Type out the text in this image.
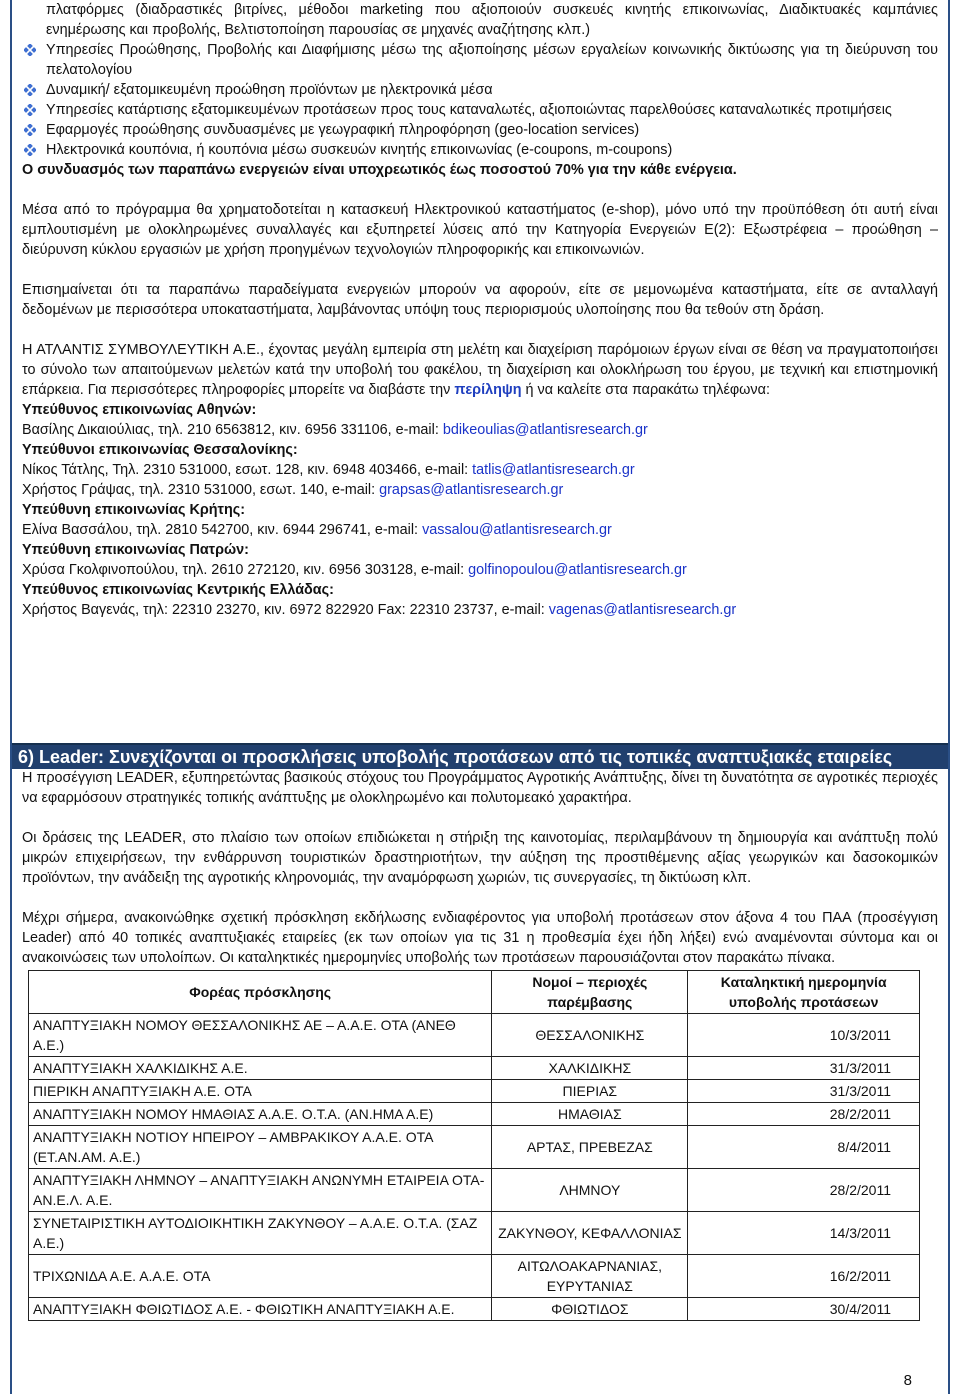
πλατφόρμες (διαδραστικές βιτρίνες, μέθοδοι marketing που αξιοποιούν συσκευές κινητής επικοινωνίας, Διαδικτυακές καμπάνιες ενημέρωσης και προβολής, Βελτιστοποίηση παρουσίας σε μηχανές αναζήτησης κλπ.)

Υπηρεσίες Προώθησης, Προβολής και Διαφήμισης μέσω της αξιοποίησης μέσων εργαλείων κοινωνικής δικτύωσης για τη διεύρυνση του πελατολογίου
Δυναμική/ εξατομικευμένη προώθηση προϊόντων με ηλεκτρονικά μέσα
Υπηρεσίες κατάρτισης εξατομικευμένων προτάσεων προς τους καταναλωτές, αξιοποιώντας παρελθούσες καταναλωτικές προτιμήσεις
Εφαρμογές προώθησης συνδυασμένες με γεωγραφική πληροφόρηση (geo-location services)
Ηλεκτρονικά κουπόνια, ή κουπόνια μέσω συσκευών κινητής επικοινωνίας (e-coupons, m-coupons)

Ο συνδυασμός των παραπάνω ενεργειών είναι υποχρεωτικός έως ποσοστού 70% για την κάθε ενέργεια.

Μέσα από το πρόγραμμα θα χρηματοδοτείται η κατασκευή Ηλεκτρονικού καταστήματος (e-shop), μόνο υπό την προϋπόθεση ότι αυτή είναι εμπλουτισμένη με ολοκληρωμένες συναλλαγές και εξυπηρετεί λύσεις από την Κατηγορία Ενεργειών Ε(2): Εξωστρέφεια – προώθηση – διεύρυνση κύκλου εργασιών με χρήση προηγμένων τεχνολογιών πληροφορικής και επικοινωνιών.

Επισημαίνεται ότι τα παραπάνω παραδείγματα ενεργειών μπορούν να αφορούν, είτε σε μεμονωμένα καταστήματα, είτε σε ανταλλαγή δεδομένων με περισσότερα υποκαταστήματα, λαμβάνοντας υπόψη τους περιορισμούς υλοποίησης που θα τεθούν στη δράση.

Η ΑΤΛΑΝΤΙΣ ΣΥΜΒΟΥΛΕΥΤΙΚΗ Α.Ε., έχοντας μεγάλη εμπειρία στη μελέτη και διαχείριση παρόμοιων έργων είναι σε θέση να πραγματοποιήσει το σύνολο των απαιτούμενων μελετών κατά την υποβολή του φακέλου, τη διαχείριση και ολοκλήρωση του έργου, με τεχνική και επιστημονική επάρκεια. Για περισσότερες πληροφορίες μπορείτε να διαβάστε την περίληψη ή να καλείτε στα παρακάτω τηλέφωνα:

Υπεύθυνος επικοινωνίας Αθηνών:

Βασίλης Δικαιούλιας, τηλ. 210 6563812, κιν. 6956 331106, e-mail: bdikeoulias@atlantisresearch.gr

Υπεύθυνοι επικοινωνίας Θεσσαλονίκης:

Νίκος Τάτλης, Τηλ. 2310 531000, εσωτ. 128, κιν. 6948 403466, e-mail: tatlis@atlantisresearch.gr

Χρήστος Γράψας, τηλ. 2310 531000, εσωτ. 140, e-mail: grapsas@atlantisresearch.gr

Υπεύθυνη επικοινωνίας Κρήτης:

Ελίνα Βασσάλου, τηλ. 2810 542700, κιν. 6944 296741, e-mail: vassalou@atlantisresearch.gr

Υπεύθυνη επικοινωνίας Πατρών:

Χρύσα Γκολφινοπούλου, τηλ. 2610 272120, κιν. 6956 303128, e-mail: golfinopoulou@atlantisresearch.gr

Υπεύθυνος επικοινωνίας Κεντρικής Ελλάδας:

Χρήστος Βαγενάς, τηλ: 22310 23270, κιν. 6972 822920 Fax: 22310 23737, e-mail: vagenas@atlantisresearch.gr

6) Leader: Συνεχίζονται οι προσκλήσεις υποβολής προτάσεων από τις τοπικές αναπτυξιακές εταιρείες

Η προσέγγιση LEADER, εξυπηρετώντας βασικούς στόχους του Προγράμματος Αγροτικής Ανάπτυξης, δίνει τη δυνατότητα σε αγροτικές περιοχές να εφαρμόσουν στρατηγικές τοπικής ανάπτυξης με ολοκληρωμένο και πολυτομεακό χαρακτήρα.

Οι δράσεις της LEADER, στο πλαίσιο των οποίων επιδιώκεται η στήριξη της καινοτομίας, περιλαμβάνουν τη δημιουργία και ανάπτυξη πολύ μικρών επιχειρήσεων, την ενθάρρυνση τουριστικών δραστηριοτήτων, την αύξηση της προστιθέμενης αξίας γεωργικών και δασοκομικών προϊόντων, την ανάδειξη της αγροτικής κληρονομιάς, την αναμόρφωση χωριών, τις συνεργασίες, τη δικτύωση κλπ.

Μέχρι σήμερα, ανακοινώθηκε σχετική πρόσκληση εκδήλωσης ενδιαφέροντος για υποβολή προτάσεων στον άξονα 4 του ΠΑΑ (προσέγγιση Leader) από 40 τοπικές αναπτυξιακές εταιρείες (εκ των οποίων για τις 31 η προθεσμία έχει ήδη λήξει) ενώ αναμένονται σύντομα και οι ανακοινώσεις των υπολοίπων. Οι καταληκτικές ημερομηνίες υποβολής των προτάσεων παρουσιάζονται στον παρακάτω πίνακα.

Φορέας πρόσκλησης	Νομοί – περιοχές παρέμβασης	Καταληκτική ημερομηνία υποβολής προτάσεων
ΑΝΑΠΤΥΞΙΑΚΗ ΝΟΜΟΥ ΘΕΣΣΑΛΟΝΙΚΗΣ ΑΕ – Α.Α.Ε. ΟΤΑ (ΑΝΕΘ Α.Ε.)	ΘΕΣΣΑΛΟΝΙΚΗΣ	10/3/2011
ΑΝΑΠΤΥΞΙΑΚΗ ΧΑΛΚΙΔΙΚΗΣ Α.Ε.	ΧΑΛΚΙΔΙΚΗΣ	31/3/2011
ΠΙΕΡΙΚΗ ΑΝΑΠΤΥΞΙΑΚΗ Α.Ε. ΟΤΑ	ΠΙΕΡΙΑΣ	31/3/2011
ΑΝΑΠΤΥΞΙΑΚΗ ΝΟΜΟΥ ΗΜΑΘΙΑΣ Α.Α.Ε. Ο.Τ.Α. (ΑΝ.ΗΜΑ Α.Ε)	ΗΜΑΘΙΑΣ	28/2/2011
ΑΝΑΠΤΥΞΙΑΚΗ ΝΟΤΙΟΥ ΗΠΕΙΡΟΥ – ΑΜΒΡΑΚΙΚΟΥ Α.Α.Ε. ΟΤΑ (ΕΤ.ΑΝ.ΑΜ. Α.Ε.)	ΑΡΤΑΣ, ΠΡΕΒΕΖΑΣ	8/4/2011
ΑΝΑΠΤΥΞΙΑΚΗ ΛΗΜΝΟΥ – ΑΝΑΠΤΥΞΙΑΚΗ ΑΝΩΝΥΜΗ ΕΤΑΙΡΕΙΑ ΟΤΑ- ΑΝ.Ε.Λ. Α.Ε.	ΛΗΜΝΟΥ	28/2/2011
ΣΥΝΕΤΑΙΡΙΣΤΙΚΗ ΑΥΤΟΔΙΟΙΚΗΤΙΚΗ ΖΑΚΥΝΘΟΥ – Α.Α.Ε. Ο.Τ.Α. (ΣΑΖ Α.Ε.)	ΖΑΚΥΝΘΟΥ, ΚΕΦΑΛΛΟΝΙΑΣ	14/3/2011
ΤΡΙΧΩΝΙΔΑ Α.Ε. Α.Α.Ε. ΟΤΑ	ΑΙΤΩΛΟΑΚΑΡΝΑΝΙΑΣ, ΕΥΡΥΤΑΝΙΑΣ	16/2/2011
ΑΝΑΠΤΥΞΙΑΚΗ ΦΘΙΩΤΙΔΟΣ Α.Ε. - ΦΘΙΩΤΙΚΗ ΑΝΑΠΤΥΞΙΑΚΗ Α.Ε.	ΦΘΙΩΤΙΔΟΣ	30/4/2011
8
